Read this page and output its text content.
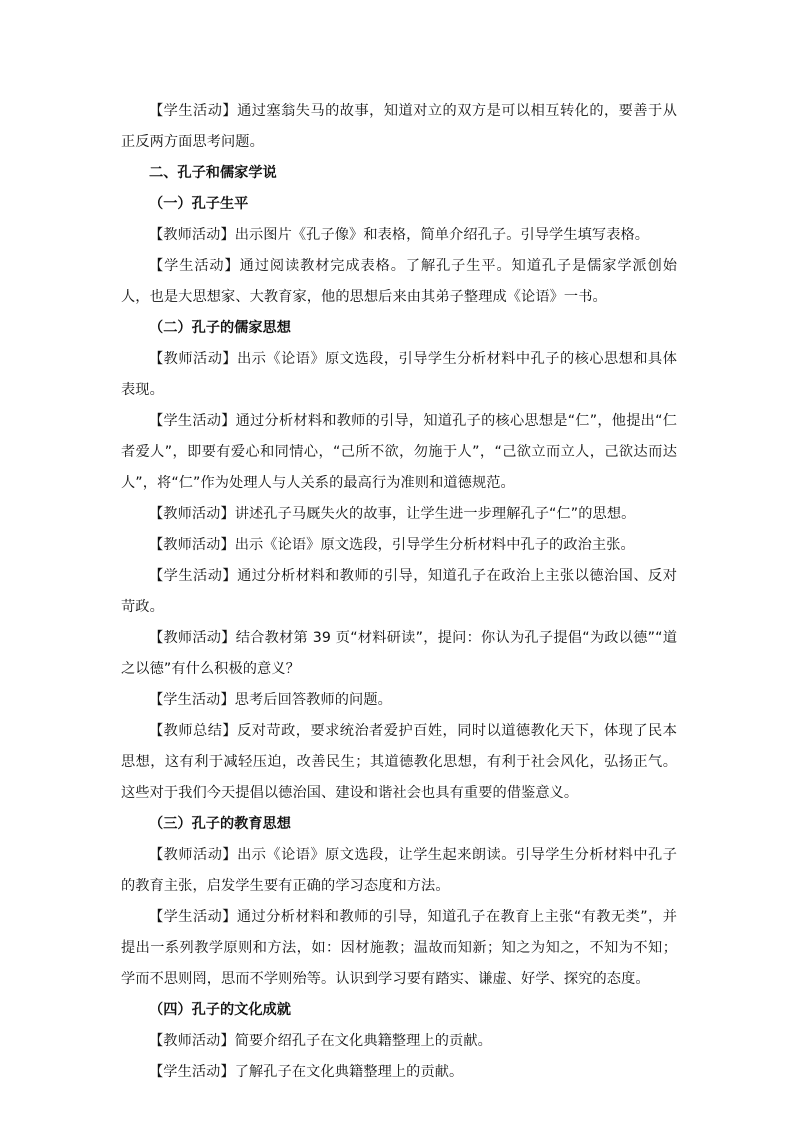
【学生活动】通过塞翁失马的故事，知道对立的双方是可以相互转化的，要善于从正反两方面思考问题。

二、孔子和儒家学说

（一）孔子生平

【教师活动】出示图片《孔子像》和表格，简单介绍孔子。引导学生填写表格。

【学生活动】通过阅读教材完成表格。了解孔子生平。知道孔子是儒家学派创始人，也是大思想家、大教育家，他的思想后来由其弟子整理成《论语》一书。

（二）孔子的儒家思想

【教师活动】出示《论语》原文选段，引导学生分析材料中孔子的核心思想和具体表现。

【学生活动】通过分析材料和教师的引导，知道孔子的核心思想是“仁”，他提出“仁者爱人”，即要有爱心和同情心，“己所不欲，勿施于人”，“己欲立而立人，己欲达而达人”，将“仁”作为处理人与人关系的最高行为准则和道德规范。

【教师活动】讲述孔子马厩失火的故事，让学生进一步理解孔子“仁”的思想。

【教师活动】出示《论语》原文选段，引导学生分析材料中孔子的政治主张。

【学生活动】通过分析材料和教师的引导，知道孔子在政治上主张以德治国、反对苛政。

【教师活动】结合教材第 39 页“材料研读”，提问：你认为孔子提倡“为政以德”“道之以德”有什么积极的意义？

【学生活动】思考后回答教师的问题。

【教师总结】反对苛政，要求统治者爱护百姓，同时以道德教化天下，体现了民本思想，这有利于减轻压迫，改善民生；其道德教化思想，有利于社会风化，弘扬正气。这些对于我们今天提倡以德治国、建设和谐社会也具有重要的借鉴意义。

（三）孔子的教育思想

【教师活动】出示《论语》原文选段，让学生起来朗读。引导学生分析材料中孔子的教育主张，启发学生要有正确的学习态度和方法。

【学生活动】通过分析材料和教师的引导，知道孔子在教育上主张“有教无类”，并提出一系列教学原则和方法，如：因材施教；温故而知新；知之为知之，不知为不知；学而不思则罔，思而不学则殆等。认识到学习要有踏实、谦虚、好学、探究的态度。

（四）孔子的文化成就

【教师活动】简要介绍孔子在文化典籍整理上的贡献。

【学生活动】了解孔子在文化典籍整理上的贡献。
